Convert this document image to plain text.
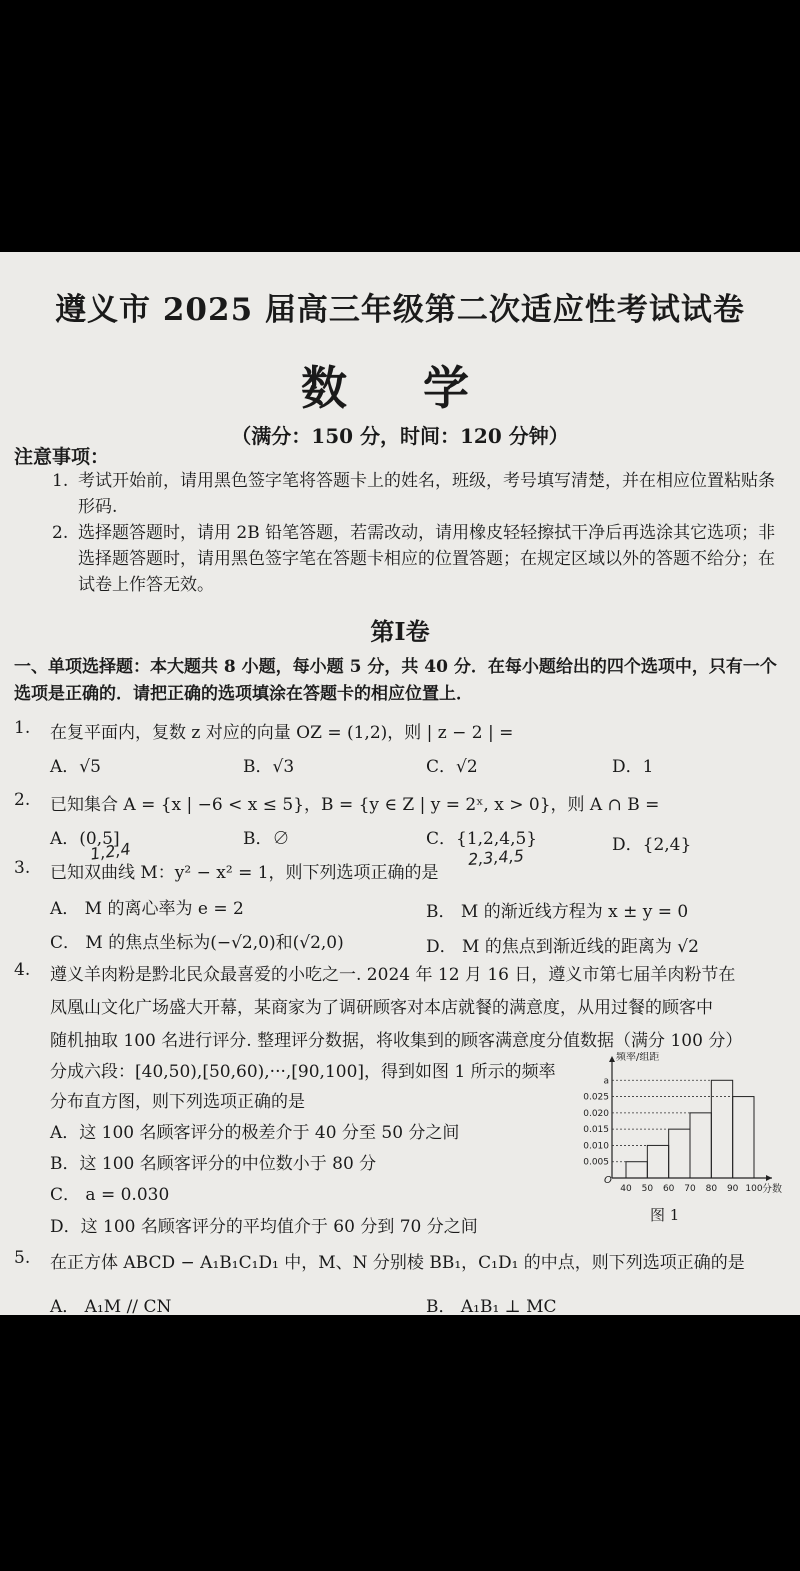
遵义市 2025 届高三年级第二次适应性考试试卷
数 学
（满分：150 分，时间：120 分钟）
注意事项：
1. 考试开始前，请用黑色签字笔将答题卡上的姓名，班级，考号填写清楚，并在相应位置粘贴条形码.
2. 选择题答题时，请用 2B 铅笔答题，若需改动，请用橡皮轻轻擦拭干净后再选涂其它选项；非选择题答题时，请用黑色签字笔在答题卡相应的位置答题；在规定区域以外的答题不给分；在试卷上作答无效。
第Ⅰ卷
一、单项选择题：本大题共 8 小题，每小题 5 分，共 40 分．在每小题给出的四个选项中，只有一个选项是正确的．请把正确的选项填涂在答题卡的相应位置上．
1. 在复平面内，复数 z 对应的向量 OZ = (1,2)，则 | z − 2 | =
A．√5	B．√3	C．√2	D．1
2. 已知集合 A = {x | −6 < x ≤ 5}，B = {y ∈ Z | y = 2ˣ, x > 0}，则 A ∩ B =
A．(0,5]	B．∅	C．{1,2,4,5}	D．{2,4}
1,2,4	2,3,4,5
3. 已知双曲线 M：y² − x² = 1，则下列选项正确的是
A． M 的离心率为 e = 2	B． M 的渐近线方程为 x ± y = 0
C． M 的焦点坐标为(−√2,0)和(√2,0)	D． M 的焦点到渐近线的距离为 √2
4. 遵义羊肉粉是黔北民众最喜爱的小吃之一. 2024 年 12 月 16 日，遵义市第七届羊肉粉节在
凤凰山文化广场盛大开幕，某商家为了调研顾客对本店就餐的满意度，从用过餐的顾客中
随机抽取 100 名进行评分. 整理评分数据，将收集到的顾客满意度分值数据（满分 100 分）
分成六段：[40,50),[50,60),···,[90,100]，得到如图 1 所示的频率
分布直方图，则下列选项正确的是
A．这 100 名顾客评分的极差介于 40 分至 50 分之间
B．这 100 名顾客评分的中位数小于 80 分
C． a = 0.030
D．这 100 名顾客评分的平均值介于 60 分到 70 分之间
频率/组距
0.005
0.010
0.015
0.020
0.025
a
O
40 50 60 70 80 90 100 分数
图 1
5. 在正方体 ABCD − A₁B₁C₁D₁ 中，M、N 分别棱 BB₁，C₁D₁ 的中点，则下列选项正确的是
A． A₁M // CN	B． A₁B₁ ⊥ MC
